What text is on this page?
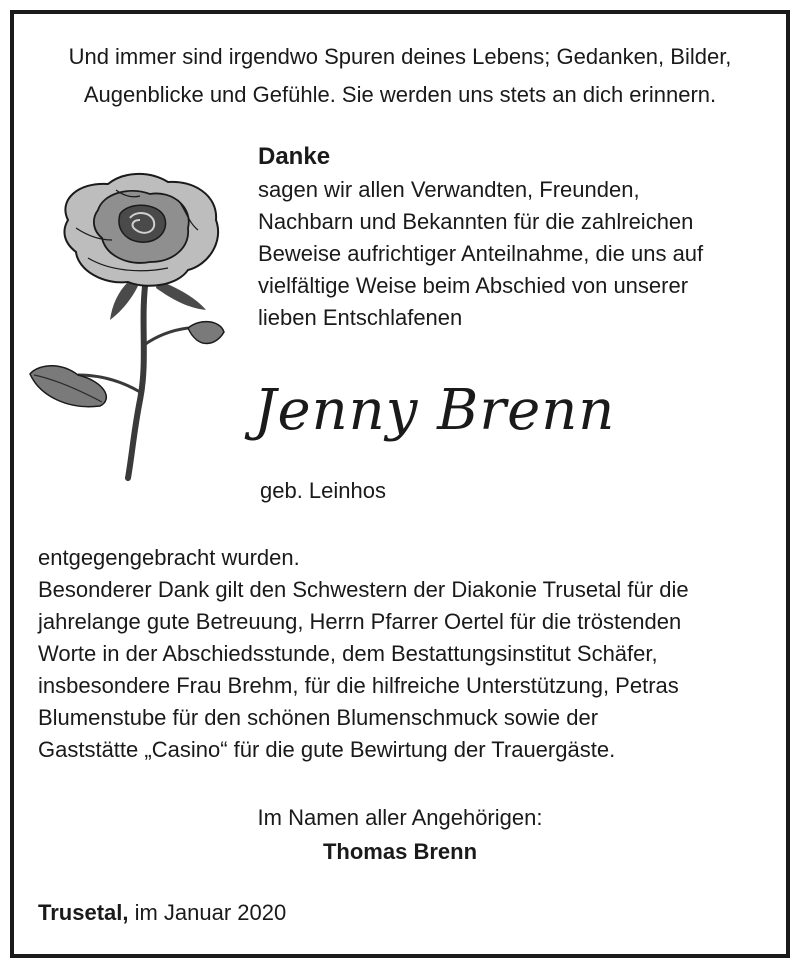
Und immer sind irgendwo Spuren deines Lebens; Gedanken, Bilder,
Augenblicke und Gefühle. Sie werden uns stets an dich erinnern.
Danke
sagen wir allen Verwandten, Freunden,
Nachbarn und Bekannten für die zahlreichen
Beweise aufrichtiger Anteilnahme, die uns auf
vielfältige Weise beim Abschied von unserer
lieben Entschlafenen
Jenny Brenn
geb. Leinhos
entgegengebracht wurden.
Besonderer Dank gilt den Schwestern der Diakonie Trusetal für die
jahrelange gute Betreuung, Herrn Pfarrer Oertel für die tröstenden
Worte in der Abschiedsstunde, dem Bestattungsinstitut Schäfer,
insbesondere Frau Brehm, für die hilfreiche Unterstützung, Petras
Blumenstube für den schönen Blumenschmuck sowie der
Gaststätte „Casino“ für die gute Bewirtung der Trauergäste.
Im Namen aller Angehörigen:
Thomas Brenn
Trusetal, im Januar 2020
